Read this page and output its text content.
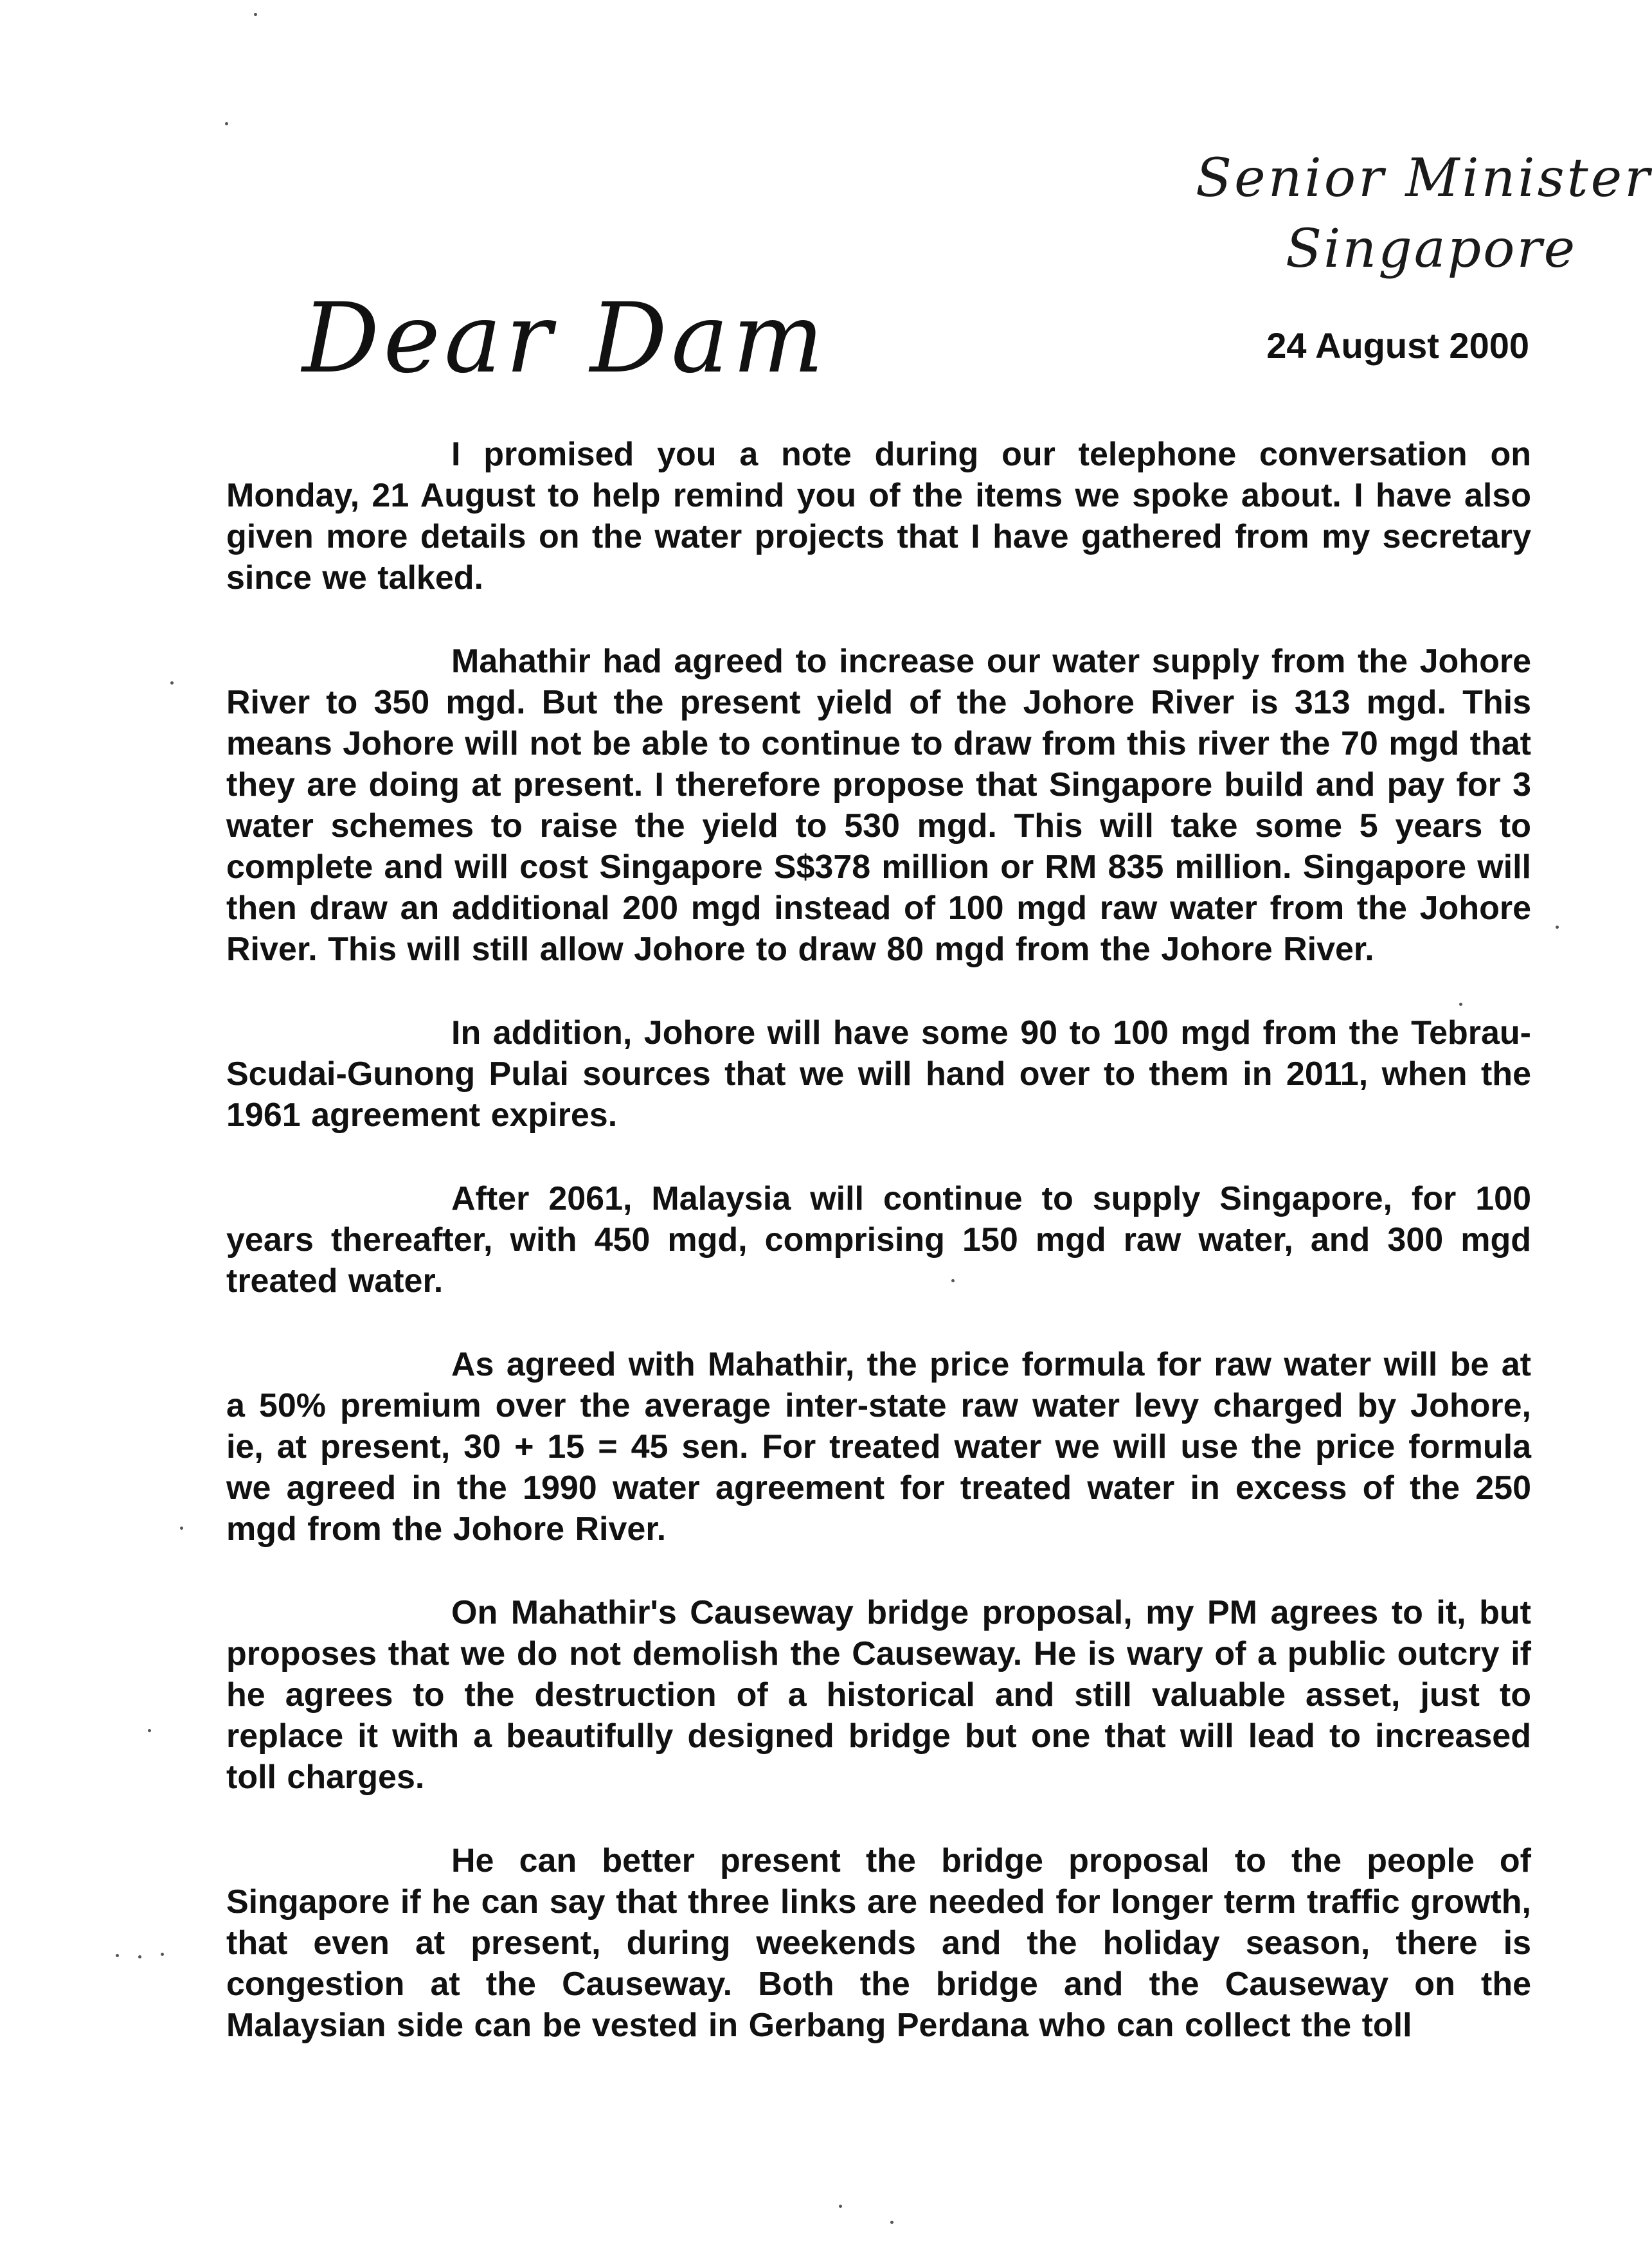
Senior Minister
Singapore
Dear Dam	24 August 2000

I promised you a note during our telephone conversation on Monday, 21 August to help remind you of the items we spoke about. I have also given more details on the water projects that I have gathered from my secretary since we talked.

Mahathir had agreed to increase our water supply from the Johore River to 350 mgd. But the present yield of the Johore River is 313 mgd. This means Johore will not be able to continue to draw from this river the 70 mgd that they are doing at present. I therefore propose that Singapore build and pay for 3 water schemes to raise the yield to 530 mgd. This will take some 5 years to complete and will cost Singapore S$378 million or RM 835 million. Singapore will then draw an additional 200 mgd instead of 100 mgd raw water from the Johore River. This will still allow Johore to draw 80 mgd from the Johore River.

In addition, Johore will have some 90 to 100 mgd from the Tebrau-Scudai-Gunong Pulai sources that we will hand over to them in 2011, when the 1961 agreement expires.

After 2061, Malaysia will continue to supply Singapore, for 100 years thereafter, with 450 mgd, comprising 150 mgd raw water, and 300 mgd treated water.

As agreed with Mahathir, the price formula for raw water will be at a 50% premium over the average inter-state raw water levy charged by Johore, ie, at present, 30 + 15 = 45 sen. For treated water we will use the price formula we agreed in the 1990 water agreement for treated water in excess of the 250 mgd from the Johore River.

On Mahathir's Causeway bridge proposal, my PM agrees to it, but proposes that we do not demolish the Causeway. He is wary of a public outcry if he agrees to the destruction of a historical and still valuable asset, just to replace it with a beautifully designed bridge but one that will lead to increased toll charges.

He can better present the bridge proposal to the people of Singapore if he can say that three links are needed for longer term traffic growth, that even at present, during weekends and the holiday season, there is congestion at the Causeway. Both the bridge and the Causeway on the Malaysian side can be vested in Gerbang Perdana who can collect the toll
